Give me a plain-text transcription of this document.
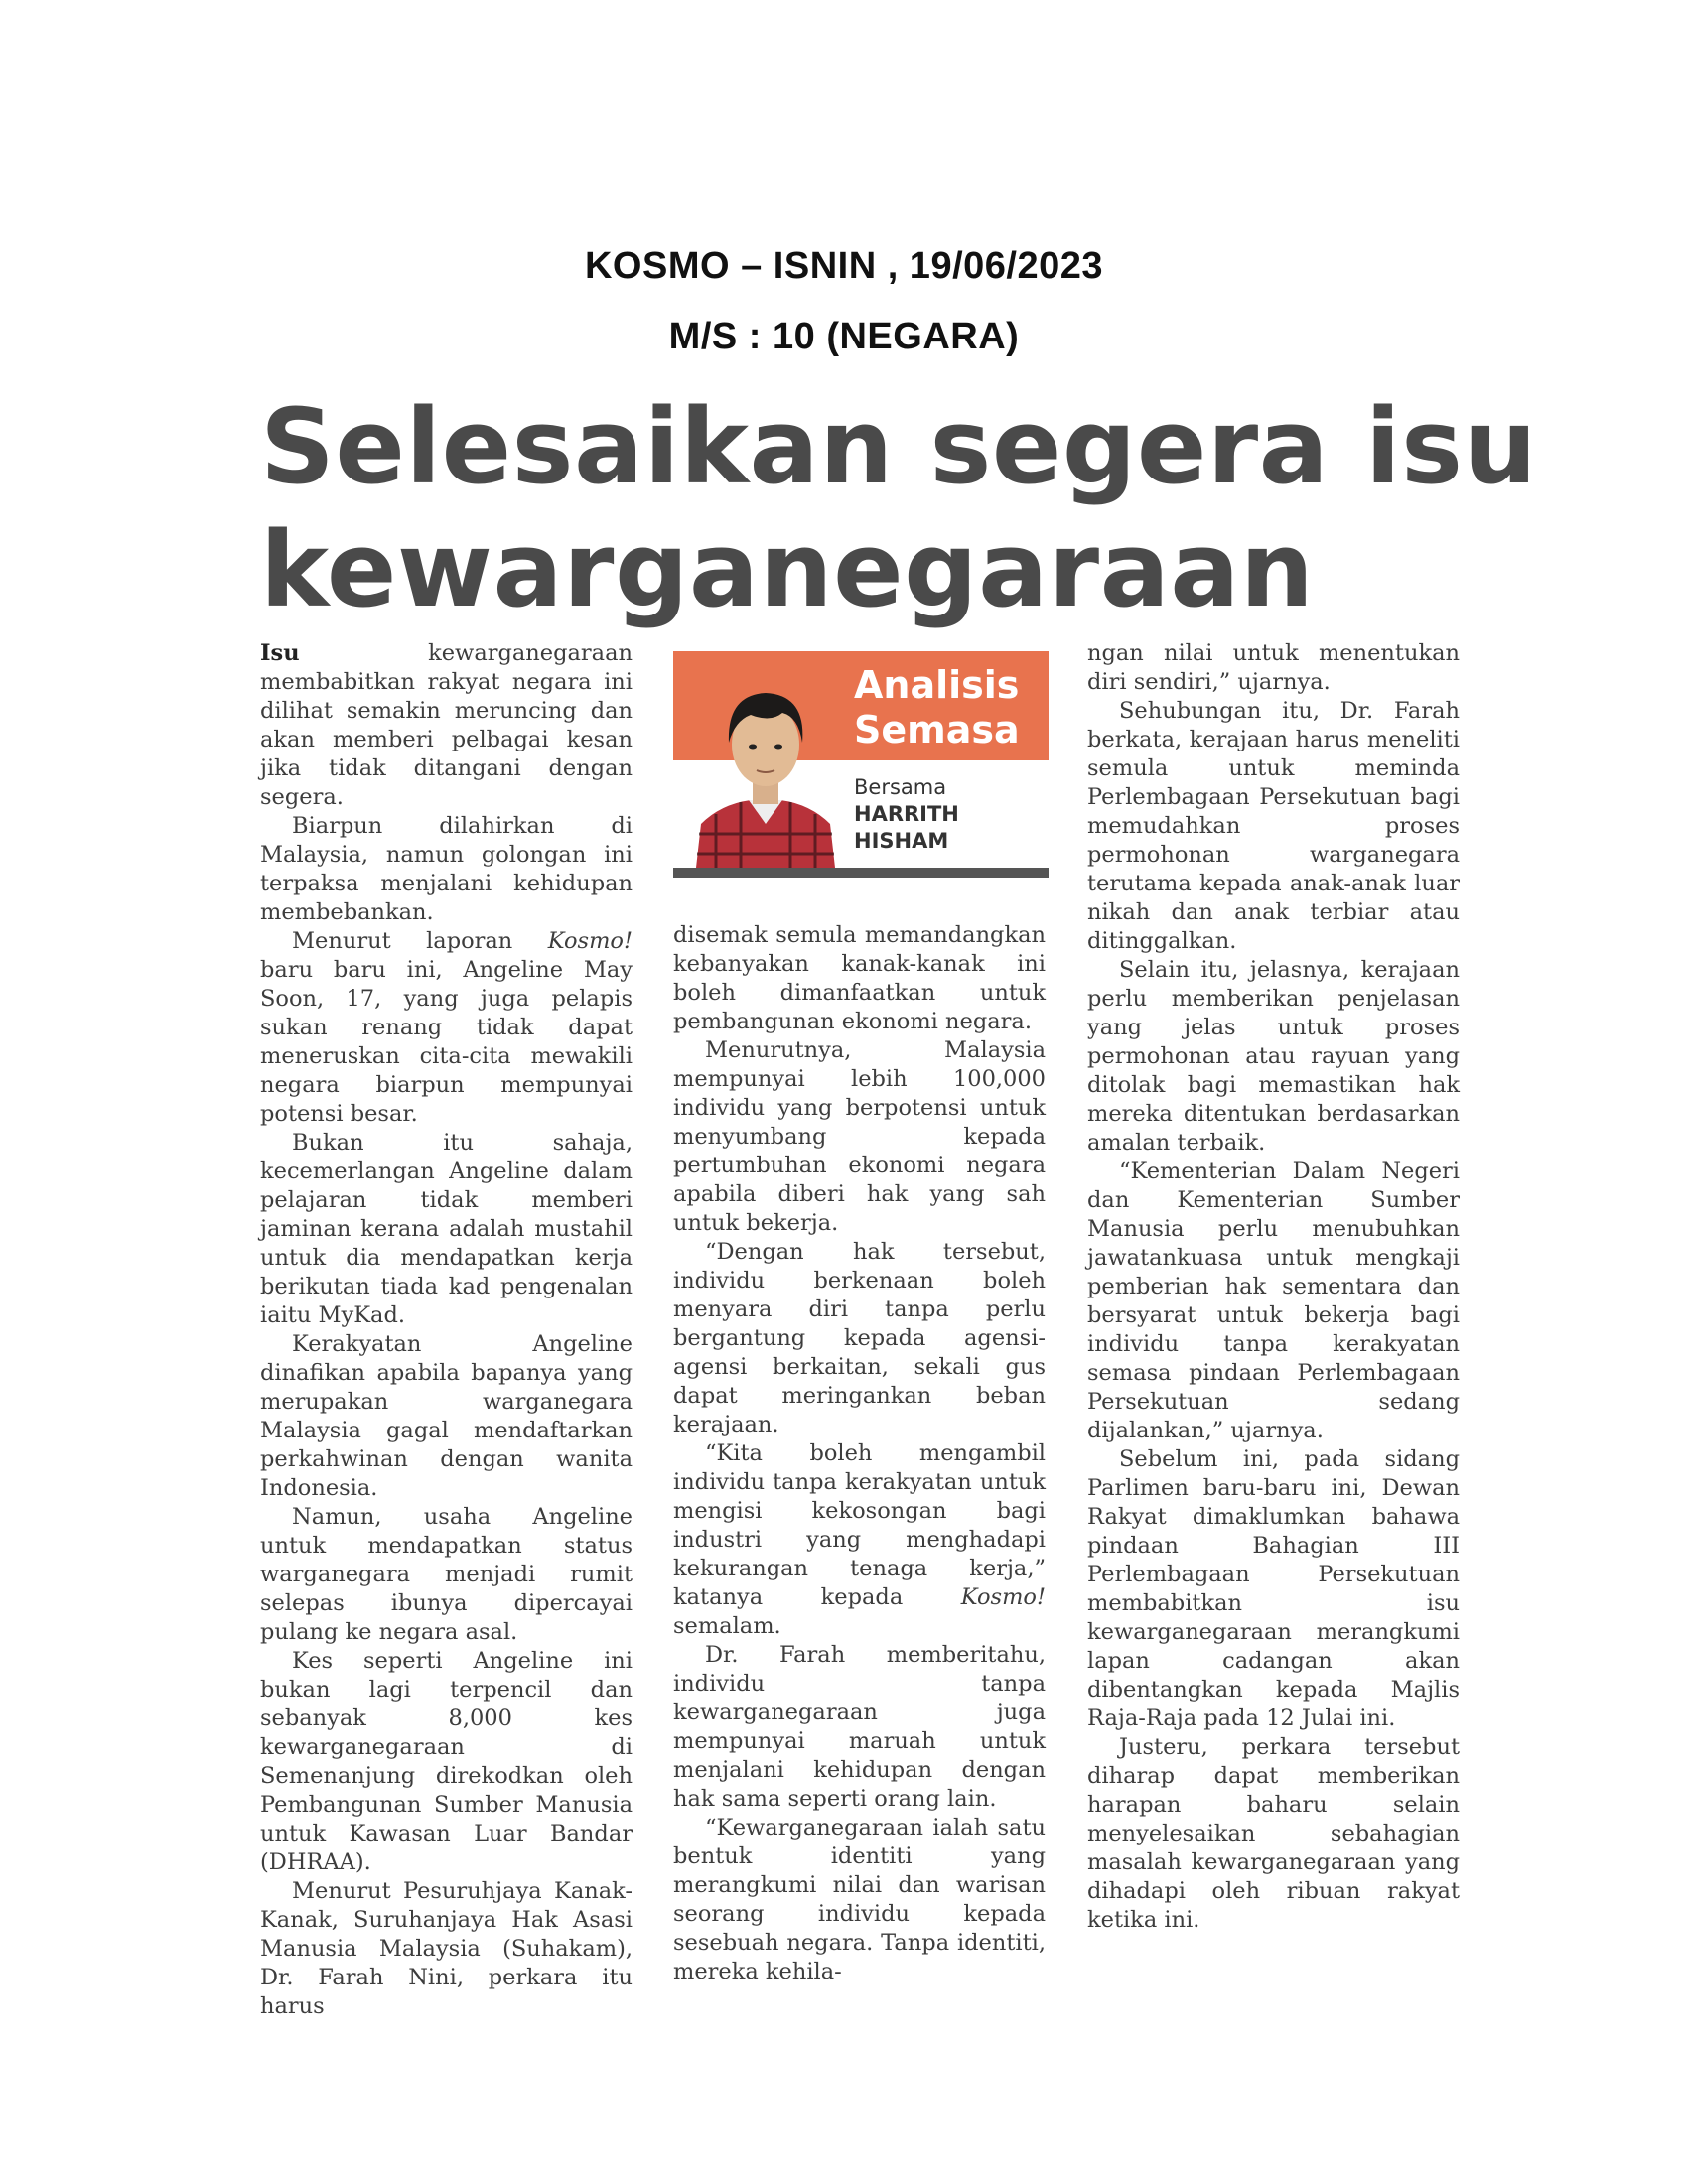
KOSMO – ISNIN , 19/06/2023
M/S : 10 (NEGARA)
Selesaikan segera isu
kewarganegaraan

Isu kewarganegaraan membabitkan rakyat negara ini dilihat semakin meruncing dan akan memberi pelbagai kesan jika tidak ditangani dengan segera.

Biarpun dilahirkan di Malaysia, namun golongan ini terpaksa menjalani kehidupan membebankan.

Menurut laporan Kosmo! baru baru ini, Angeline May Soon, 17, yang juga pelapis sukan renang tidak dapat meneruskan cita-cita mewakili negara biarpun mempunyai potensi besar.

Bukan itu sahaja, kecemerlangan Angeline dalam pelajaran tidak memberi jaminan kerana adalah mustahil untuk dia mendapatkan kerja berikutan tiada kad pengenalan iaitu MyKad.

Kerakyatan Angeline dinafikan apabila bapanya yang merupakan warganegara Malaysia gagal mendaftarkan perkahwinan dengan wanita Indonesia.

Namun, usaha Angeline untuk mendapatkan status warganegara menjadi rumit selepas ibunya dipercayai pulang ke negara asal.

Kes seperti Angeline ini bukan lagi terpencil dan sebanyak 8,000 kes kewarganegaraan di Semenanjung direkodkan oleh Pembangunan Sumber Manusia untuk Kawasan Luar Bandar (DHRAA).

Menurut Pesuruhjaya Kanak-Kanak, Suruhanjaya Hak Asasi Manusia Malaysia (Suhakam), Dr. Farah Nini, perkara itu harus

Analisis
Semasa
Bersama
HARRITH
HISHAM

disemak semula memandangkan kebanyakan kanak-kanak ini boleh dimanfaatkan untuk pembangunan ekonomi negara.

Menurutnya, Malaysia mempunyai lebih 100,000 individu yang berpotensi untuk menyumbang kepada pertumbuhan ekonomi negara apabila diberi hak yang sah untuk bekerja.

“Dengan hak tersebut, individu berkenaan boleh menyara diri tanpa perlu bergantung kepada agensi-agensi berkaitan, sekali gus dapat meringankan beban kerajaan.

“Kita boleh mengambil individu tanpa kerakyatan untuk mengisi kekosongan bagi industri yang menghadapi kekurangan tenaga kerja,” katanya kepada Kosmo! semalam.

Dr. Farah memberitahu, individu tanpa kewarganegaraan juga mempunyai maruah untuk menjalani kehidupan dengan hak sama seperti orang lain.

“Kewarganegaraan ialah satu bentuk identiti yang merangkumi nilai dan warisan seorang individu kepada sesebuah negara. Tanpa identiti, mereka kehila-

ngan nilai untuk menentukan diri sendiri,” ujarnya.

Sehubungan itu, Dr. Farah berkata, kerajaan harus meneliti semula untuk meminda Perlembagaan Persekutuan bagi memudahkan proses permohonan warganegara terutama kepada anak-anak luar nikah dan anak terbiar atau ditinggalkan.

Selain itu, jelasnya, kerajaan perlu memberikan penjelasan yang jelas untuk proses permohonan atau rayuan yang ditolak bagi memastikan hak mereka ditentukan berdasarkan amalan terbaik.

“Kementerian Dalam Negeri dan Kementerian Sumber Manusia perlu menubuhkan jawatankuasa untuk mengkaji pemberian hak sementara dan bersyarat untuk bekerja bagi individu tanpa kerakyatan semasa pindaan Perlembagaan Persekutuan sedang dijalankan,” ujarnya.

Sebelum ini, pada sidang Parlimen baru-baru ini, Dewan Rakyat dimaklumkan bahawa pindaan Bahagian III Perlembagaan Persekutuan membabitkan isu kewarganegaraan merangkumi lapan cadangan akan dibentangkan kepada Majlis Raja-Raja pada 12 Julai ini.

Justeru, perkara tersebut diharap dapat memberikan harapan baharu selain menyelesaikan sebahagian masalah kewarganegaraan yang dihadapi oleh ribuan rakyat ketika ini.
